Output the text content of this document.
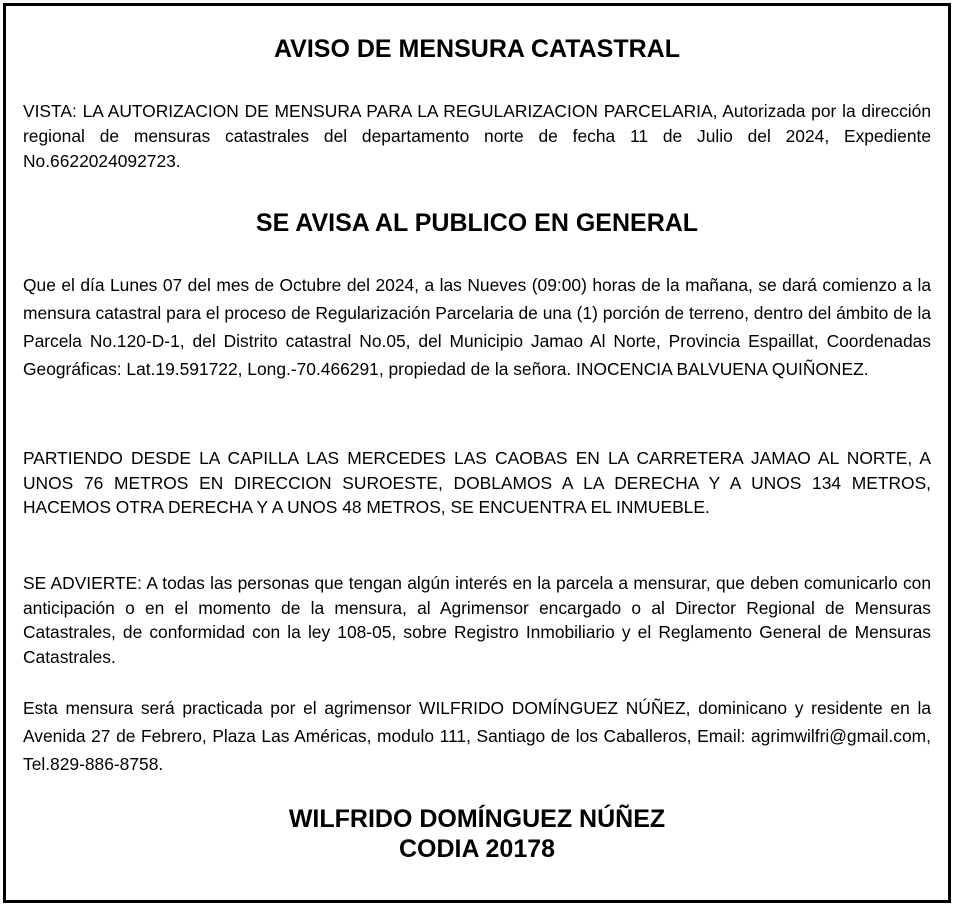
AVISO DE MENSURA CATASTRAL

VISTA: LA AUTORIZACION DE MENSURA PARA LA REGULARIZACION PARCELARIA, Autorizada por la dirección regional de mensuras catastrales del departamento norte de fecha 11 de Julio del 2024, Expediente No.6622024092723.

SE AVISA AL PUBLICO EN GENERAL

Que el día Lunes 07 del mes de Octubre del 2024, a las Nueves (09:00) horas de la mañana, se dará comienzo a la mensura catastral para el proceso de Regularización Parcelaria de una (1) porción de terreno, dentro del ámbito de la Parcela No.120-D-1, del Distrito catastral No.05, del Municipio Jamao Al Norte, Provincia Espaillat, Coordenadas Geográficas: Lat.19.591722, Long.-70.466291, propiedad de la señora. INOCENCIA BALVUENA QUIÑONEZ.

PARTIENDO DESDE LA CAPILLA LAS MERCEDES LAS CAOBAS EN LA CARRETERA JAMAO AL NORTE, A UNOS 76 METROS EN DIRECCION SUROESTE, DOBLAMOS A LA DERECHA Y A UNOS 134 METROS, HACEMOS OTRA DERECHA Y A UNOS 48 METROS, SE ENCUENTRA EL INMUEBLE.

SE ADVIERTE: A todas las personas que tengan algún interés en la parcela a mensurar, que deben comunicarlo con anticipación o en el momento de la mensura, al Agrimensor encargado o al Director Regional de Mensuras Catastrales, de conformidad con la ley 108-05, sobre Registro Inmobiliario y el Reglamento General de Mensuras Catastrales.

Esta mensura será practicada por el agrimensor WILFRIDO DOMÍNGUEZ NÚÑEZ, dominicano y residente en la Avenida 27 de Febrero, Plaza Las Américas, modulo 111, Santiago de los Caballeros, Email: agrimwilfri@gmail.com, Tel.829-886-8758.

WILFRIDO DOMÍNGUEZ NÚÑEZ
CODIA 20178
